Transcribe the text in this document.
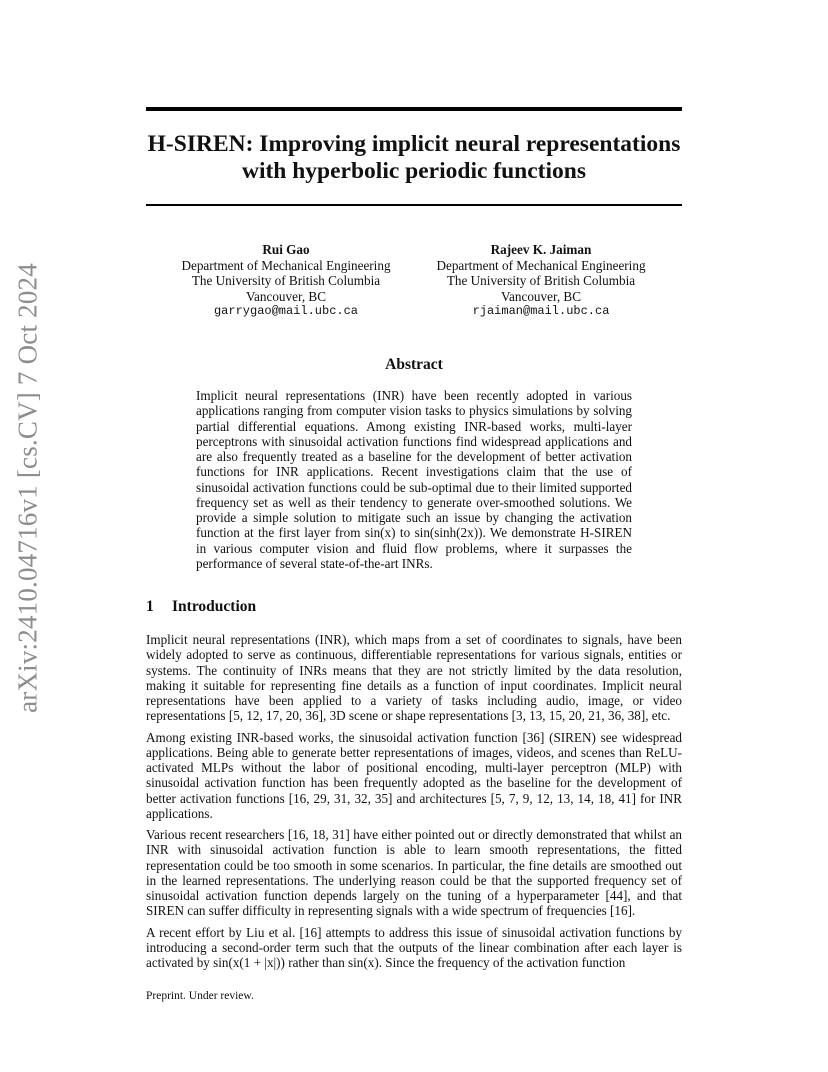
arXiv:2410.04716v1 [cs.CV] 7 Oct 2024
H-SIREN: Improving implicit neural representations with hyperbolic periodic functions
Rui Gao
Department of Mechanical Engineering
The University of British Columbia
Vancouver, BC
garrygao@mail.ubc.ca
Rajeev K. Jaiman
Department of Mechanical Engineering
The University of British Columbia
Vancouver, BC
rjaiman@mail.ubc.ca
Abstract

Implicit neural representations (INR) have been recently adopted in various applications ranging from computer vision tasks to physics simulations by solving partial differential equations. Among existing INR-based works, multi-layer perceptrons with sinusoidal activation functions find widespread applications and are also frequently treated as a baseline for the development of better activation functions for INR applications. Recent investigations claim that the use of sinusoidal activation functions could be sub-optimal due to their limited supported frequency set as well as their tendency to generate over-smoothed solutions. We provide a simple solution to mitigate such an issue by changing the activation function at the first layer from sin(x) to sin(sinh(2x)). We demonstrate H-SIREN in various computer vision and fluid flow problems, where it surpasses the performance of several state-of-the-art INRs.

1 Introduction

Implicit neural representations (INR), which maps from a set of coordinates to signals, have been widely adopted to serve as continuous, differentiable representations for various signals, entities or systems. The continuity of INRs means that they are not strictly limited by the data resolution, making it suitable for representing fine details as a function of input coordinates. Implicit neural representations have been applied to a variety of tasks including audio, image, or video representations [5, 12, 17, 20, 36], 3D scene or shape representations [3, 13, 15, 20, 21, 36, 38], etc.

Among existing INR-based works, the sinusoidal activation function [36] (SIREN) see widespread applications. Being able to generate better representations of images, videos, and scenes than ReLU-activated MLPs without the labor of positional encoding, multi-layer perceptron (MLP) with sinusoidal activation function has been frequently adopted as the baseline for the development of better activation functions [16, 29, 31, 32, 35] and architectures [5, 7, 9, 12, 13, 14, 18, 41] for INR applications.

Various recent researchers [16, 18, 31] have either pointed out or directly demonstrated that whilst an INR with sinusoidal activation function is able to learn smooth representations, the fitted representation could be too smooth in some scenarios. In particular, the fine details are smoothed out in the learned representations. The underlying reason could be that the supported frequency set of sinusoidal activation function depends largely on the tuning of a hyperparameter [44], and that SIREN can suffer difficulty in representing signals with a wide spectrum of frequencies [16].

A recent effort by Liu et al. [16] attempts to address this issue of sinusoidal activation functions by introducing a second-order term such that the outputs of the linear combination after each layer is activated by sin(x(1 + |x|)) rather than sin(x). Since the frequency of the activation function

Preprint. Under review.
